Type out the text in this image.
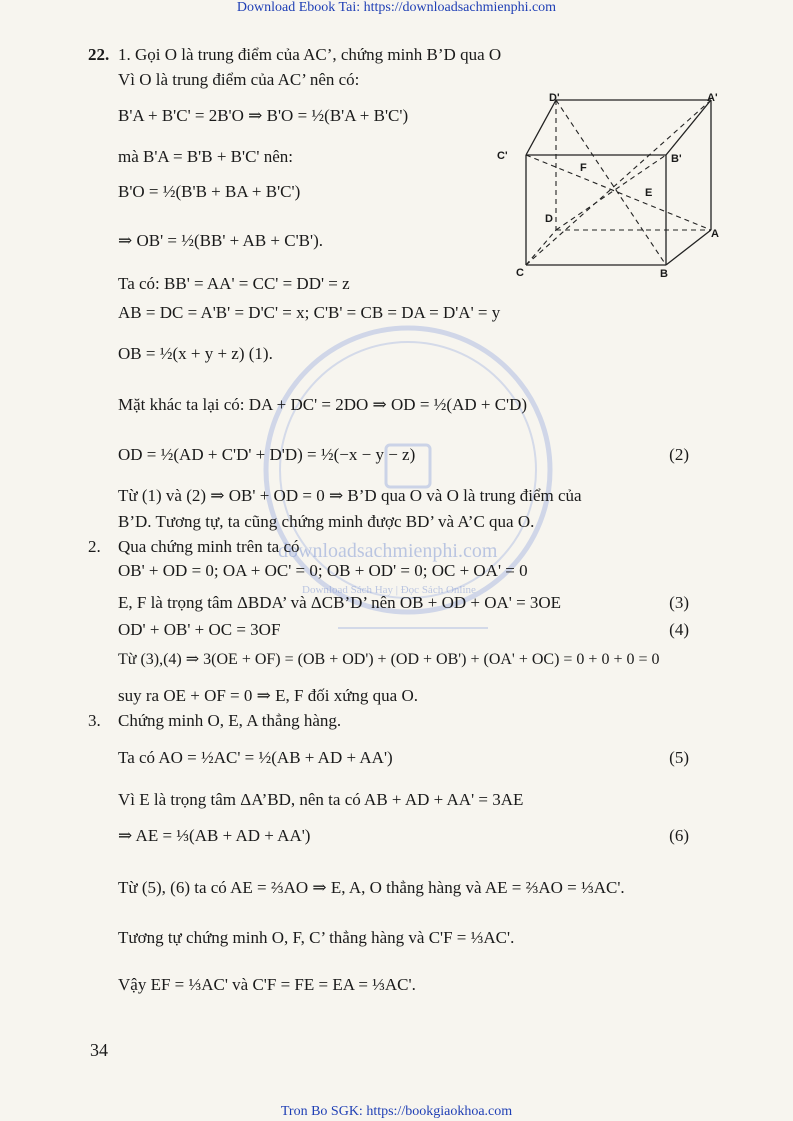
Download Ebook Tai: https://downloadsachmienphi.com
Tron Bo SGK: https://bookgiaokhoa.com
34
downloadsachmienphi.com
Download Sách Hay | Đọc Sách Online
D'	A'
C'	B'
F
E
D
A
C	B
22. 1. Gọi O là trung điểm của AC’, chứng minh B’D qua O
Vì O là trung điểm của AC’ nên có:
B'A + B'C' = 2B'O ⇒ B'O = ½(B'A + B'C')
mà B'A = B'B + B'C' nên:
B'O = ½(B'B + BA + B'C')
⇒ OB' = ½(BB' + AB + C'B').
Ta có: BB' = AA' = CC' = DD' = z
AB = DC = A'B' = D'C' = x; C'B' = CB = DA = D'A' = y
OB = ½(x + y + z) (1).
Mặt khác ta lại có: DA + DC' = 2DO ⇒ OD = ½(AD + C'D)
OD = ½(AD + C'D' + D'D) = ½(−x − y − z)	(2)
Từ (1) và (2) ⇒ OB' + OD = 0 ⇒ B’D qua O và O là trung điểm của
B’D. Tương tự, ta cũng chứng minh được BD’ và A’C qua O.
2. Qua chứng minh trên ta có
OB' + OD = 0; OA + OC' = 0; OB + OD' = 0; OC + OA' = 0
E, F là trọng tâm ΔBDA’ và ΔCB’D’ nên OB + OD + OA' = 3OE	(3)
OD' + OB' + OC = 3OF	(4)
Từ (3),(4) ⇒ 3(OE + OF) = (OB + OD') + (OD + OB') + (OA' + OC) = 0 + 0 + 0 = 0
suy ra OE + OF = 0 ⇒ E, F đối xứng qua O.
3. Chứng minh O, E, A thẳng hàng.
Ta có AO = ½AC' = ½(AB + AD + AA')	(5)
Vì E là trọng tâm ΔA’BD, nên ta có AB + AD + AA' = 3AE
⇒ AE = ⅓(AB + AD + AA')	(6)
Từ (5), (6) ta có AE = ⅔AO ⇒ E, A, O thẳng hàng và AE = ⅔AO = ⅓AC'.
Tương tự chứng minh O, F, C’ thẳng hàng và C'F = ⅓AC'.
Vậy EF = ⅓AC' và C'F = FE = EA = ⅓AC'.
